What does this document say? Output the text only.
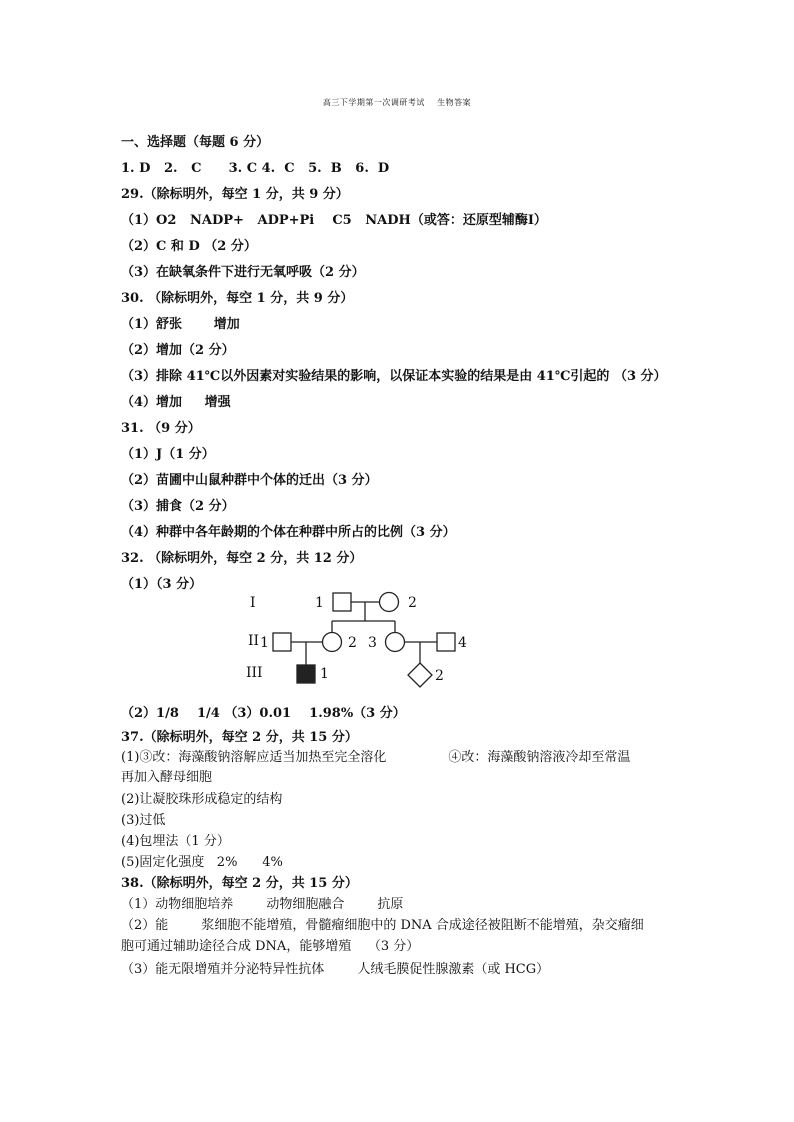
高三下学期第一次调研考试    生物答案
一、选择题（每题 6 分）
1. D   2.   C      3. C 4.  C   5.  B   6.  D
29.（除标明外，每空 1 分，共 9 分）
（1）O2   NADP+   ADP+Pi    C5   NADH（或答：还原型辅酶Ⅰ）
（2）C 和 D （2 分）
（3）在缺氧条件下进行无氧呼吸（2 分）
30. （除标明外，每空 1 分，共 9 分）
（1）舒张       增加
（2）增加（2 分）
（3）排除 41℃以外因素对实验结果的影响，以保证本实验的结果是由 41℃引起的 （3 分）
（4）增加     增强
31. （9 分）
（1）J（1 分）
（2）苗圃中山鼠种群中个体的迁出（3 分）
（3）捕食（2 分）
（4）种群中各年龄期的个体在种群中所占的比例（3 分）
32. （除标明外，每空 2 分，共 12 分）
（1）（3 分）
I
II
III
1	2
1	2 3	4
1	2
（2）1/8    1/4 （3）0.01    1.98%（3 分）
37.（除标明外，每空 2 分，共 15 分）
(1)③改：海藻酸钠溶解应适当加热至完全溶化               ④改：海藻酸钠溶液冷却至常温
再加入酵母细胞
(2)让凝胶珠形成稳定的结构
(3)过低
(4)包埋法（1 分）
(5)固定化强度   2%      4%
38.（除标明外，每空 2 分，共 15 分）
（1）动物细胞培养        动物细胞融合        抗原
（2）能        浆细胞不能增殖，骨髓瘤细胞中的 DNA 合成途径被阻断不能增殖，杂交瘤细
胞可通过辅助途径合成 DNA，能够增殖    （3 分）
（3）能无限增殖并分泌特异性抗体        人绒毛膜促性腺激素（或 HCG）
